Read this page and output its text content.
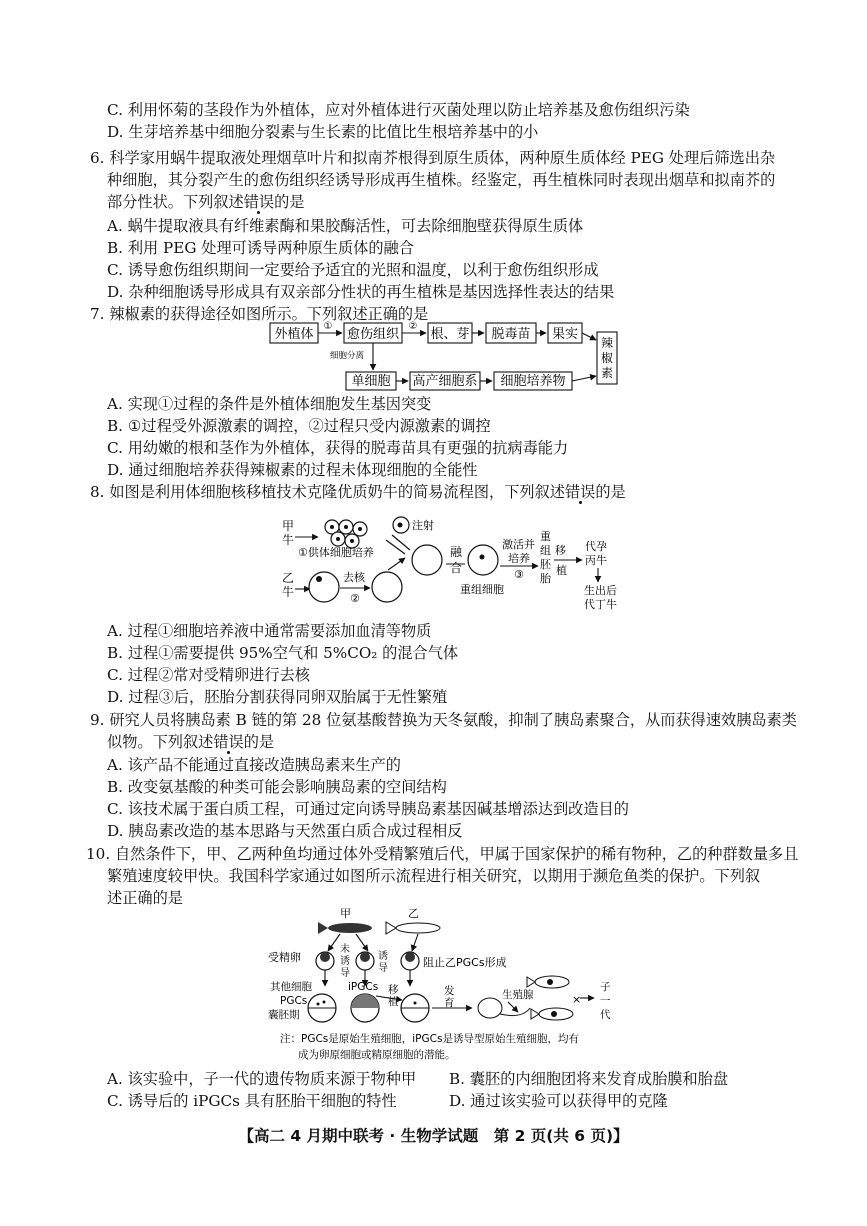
C. 利用怀菊的茎段作为外植体，应对外植体进行灭菌处理以防止培养基及愈伤组织污染
D. 生芽培养基中细胞分裂素与生长素的比值比生根培养基中的小
6. 科学家用蜗牛提取液处理烟草叶片和拟南芥根得到原生质体，两种原生质体经 PEG 处理后筛选出杂
种细胞，其分裂产生的愈伤组织经诱导形成再生植株。经鉴定，再生植株同时表现出烟草和拟南芥的
部分性状。下列叙述错误的是
A. 蜗牛提取液具有纤维素酶和果胶酶活性，可去除细胞壁获得原生质体
B. 利用 PEG 处理可诱导两种原生质体的融合
C. 诱导愈伤组织期间一定要给予适宜的光照和温度，以利于愈伤组织形成
D. 杂种细胞诱导形成具有双亲部分性状的再生植株是基因选择性表达的结果
7. 辣椒素的获得途径如图所示。下列叙述正确的是
外植体
①
愈伤组织
②
根、芽 脱毒苗 果实
辣
椒
素
细胞分离
单细胞 高产细胞系 细胞培养物
A. 实现①过程的条件是外植体细胞发生基因突变
B. ①过程受外源激素的调控，②过程只受内源激素的调控
C. 用幼嫩的根和茎作为外植体，获得的脱毒苗具有更强的抗病毒能力
D. 通过细胞培养获得辣椒素的过程未体现细胞的全能性
8. 如图是利用体细胞核移植技术克隆优质奶牛的简易流程图，下列叙述错误的是
甲
牛
①供体细胞培养
注射
乙
牛
去核
②
融
合
重组细胞
激活并
培养
③
重
组
胚
胎
移
植
代孕
丙牛
生出后
代丁牛
A. 过程①细胞培养液中通常需要添加血清等物质
B. 过程①需要提供 95%空气和 5%CO₂ 的混合气体
C. 过程②常对受精卵进行去核
D. 过程③后，胚胎分割获得同卵双胎属于无性繁殖
9. 研究人员将胰岛素 B 链的第 28 位氨基酸替换为天冬氨酸，抑制了胰岛素聚合，从而获得速效胰岛素类
似物。下列叙述错误的是
A. 该产品不能通过直接改造胰岛素来生产的
B. 改变氨基酸的种类可能会影响胰岛素的空间结构
C. 该技术属于蛋白质工程，可通过定向诱导胰岛素基因碱基增添达到改造目的
D. 胰岛素改造的基本思路与天然蛋白质合成过程相反
10. 自然条件下，甲、乙两种鱼均通过体外受精繁殖后代，甲属于国家保护的稀有物种，乙的种群数量多且
繁殖速度较甲快。我国科学家通过如图所示流程进行相关研究，以期用于濒危鱼类的保护。下列叙
述正确的是
甲	乙
受精卵
未
诱
导
诱
导	阻止乙PGCs形成
其他细胞
PGCs
囊胚期
iPGCs 移
植
发
育
生殖腺	×
子
一
代
注：PGCs是原始生殖细胞，iPGCs是诱导型原始生殖细胞，均有
成为卵原细胞或精原细胞的潜能。
A. 该实验中，子一代的遗传物质来源于物种甲 B. 囊胚的内细胞团将来发育成胎膜和胎盘
C. 诱导后的 iPGCs 具有胚胎干细胞的特性	D. 通过该实验可以获得甲的克隆
【高二 4 月期中联考 · 生物学试题　第 2 页(共 6 页)】
